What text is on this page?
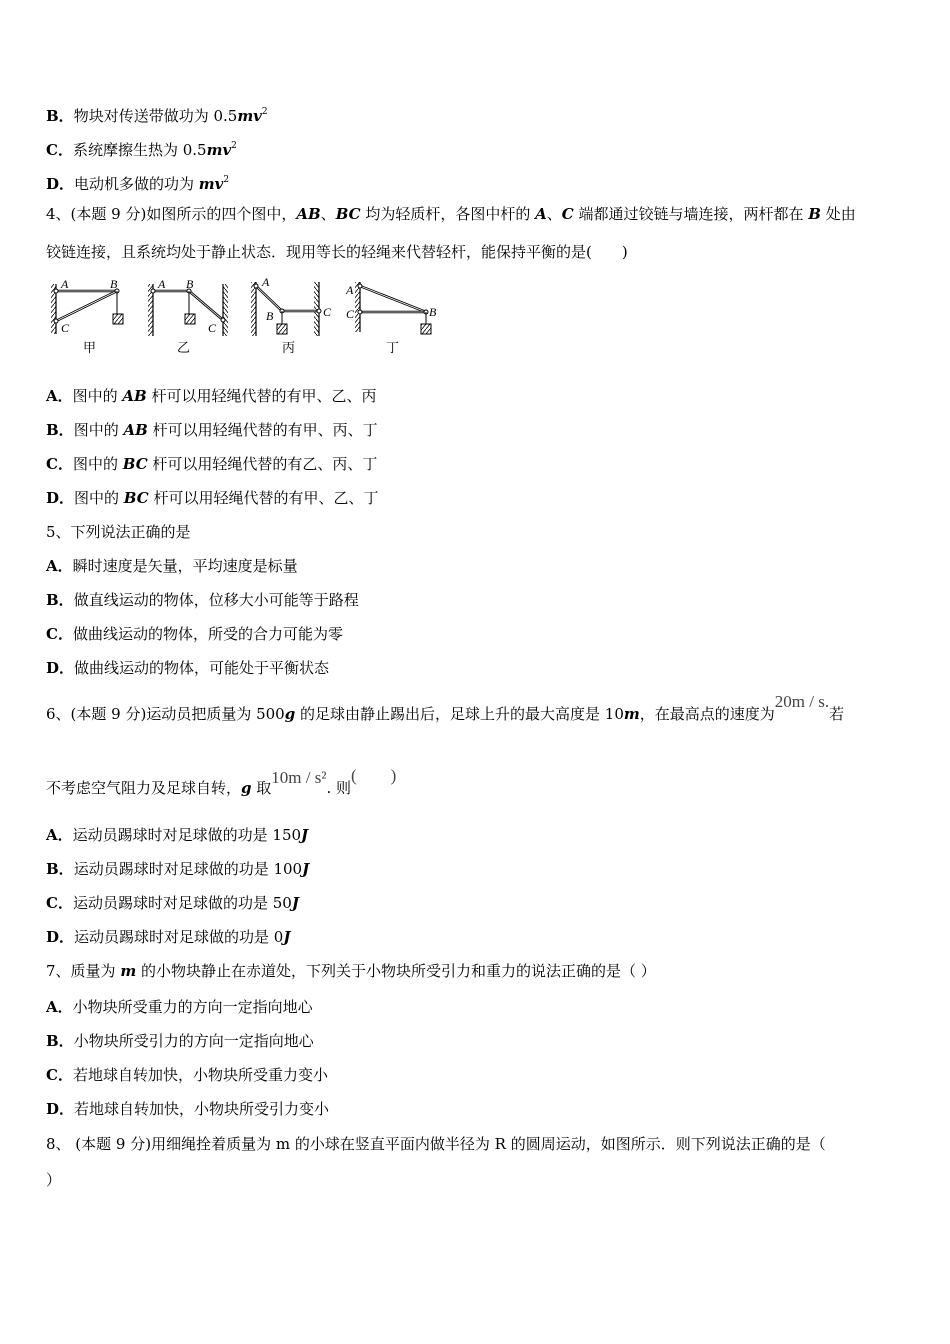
B．物块对传送带做功为 $0.5mv^2$
C．系统摩擦生热为 $0.5mv^2$
D．电动机多做的功为 $mv^2$
4、(本题 9 分)如图所示的四个图中，AB、BC 均为轻质杆，各图中杆的 A、C 端都通过铰链与墙连接，两杆都在 B 处由
铰链连接，且系统均处于静止状态．现用等长的轻绳来代替轻杆，能保持平衡的是(　　)
A	B
C
甲
A B
C
乙
A
B	C
丙
A
C	B
丁
A．图中的 AB 杆可以用轻绳代替的有甲、乙、丙
B．图中的 AB 杆可以用轻绳代替的有甲、丙、丁
C．图中的 BC 杆可以用轻绳代替的有乙、丙、丁
D．图中的 BC 杆可以用轻绳代替的有甲、乙、丁
5、下列说法正确的是
A．瞬时速度是矢量，平均速度是标量
B．做直线运动的物体，位移大小可能等于路程
C．做曲线运动的物体，所受的合力可能为零
D．做曲线运动的物体，可能处于平衡状态
6、(本题 9 分)运动员把质量为 500g 的足球由静止踢出后，足球上升的最大高度是 10m，在最高点的速度为20m / s.若
不考虑空气阻力及足球自转，g 取10m / s². 则(　　)
A．运动员踢球时对足球做的功是 150J
B．运动员踢球时对足球做的功是 100J
C．运动员踢球时对足球做的功是 50J
D．运动员踢球时对足球做的功是 0J
7、质量为 m 的小物块静止在赤道处，下列关于小物块所受引力和重力的说法正确的是（ ）
A．小物块所受重力的方向一定指向地心
B．小物块所受引力的方向一定指向地心
C．若地球自转加快，小物块所受重力变小
D．若地球自转加快，小物块所受引力变小
8、 (本题 9 分)用细绳拴着质量为 m 的小球在竖直平面内做半径为 R 的圆周运动，如图所示．则下列说法正确的是（
）
